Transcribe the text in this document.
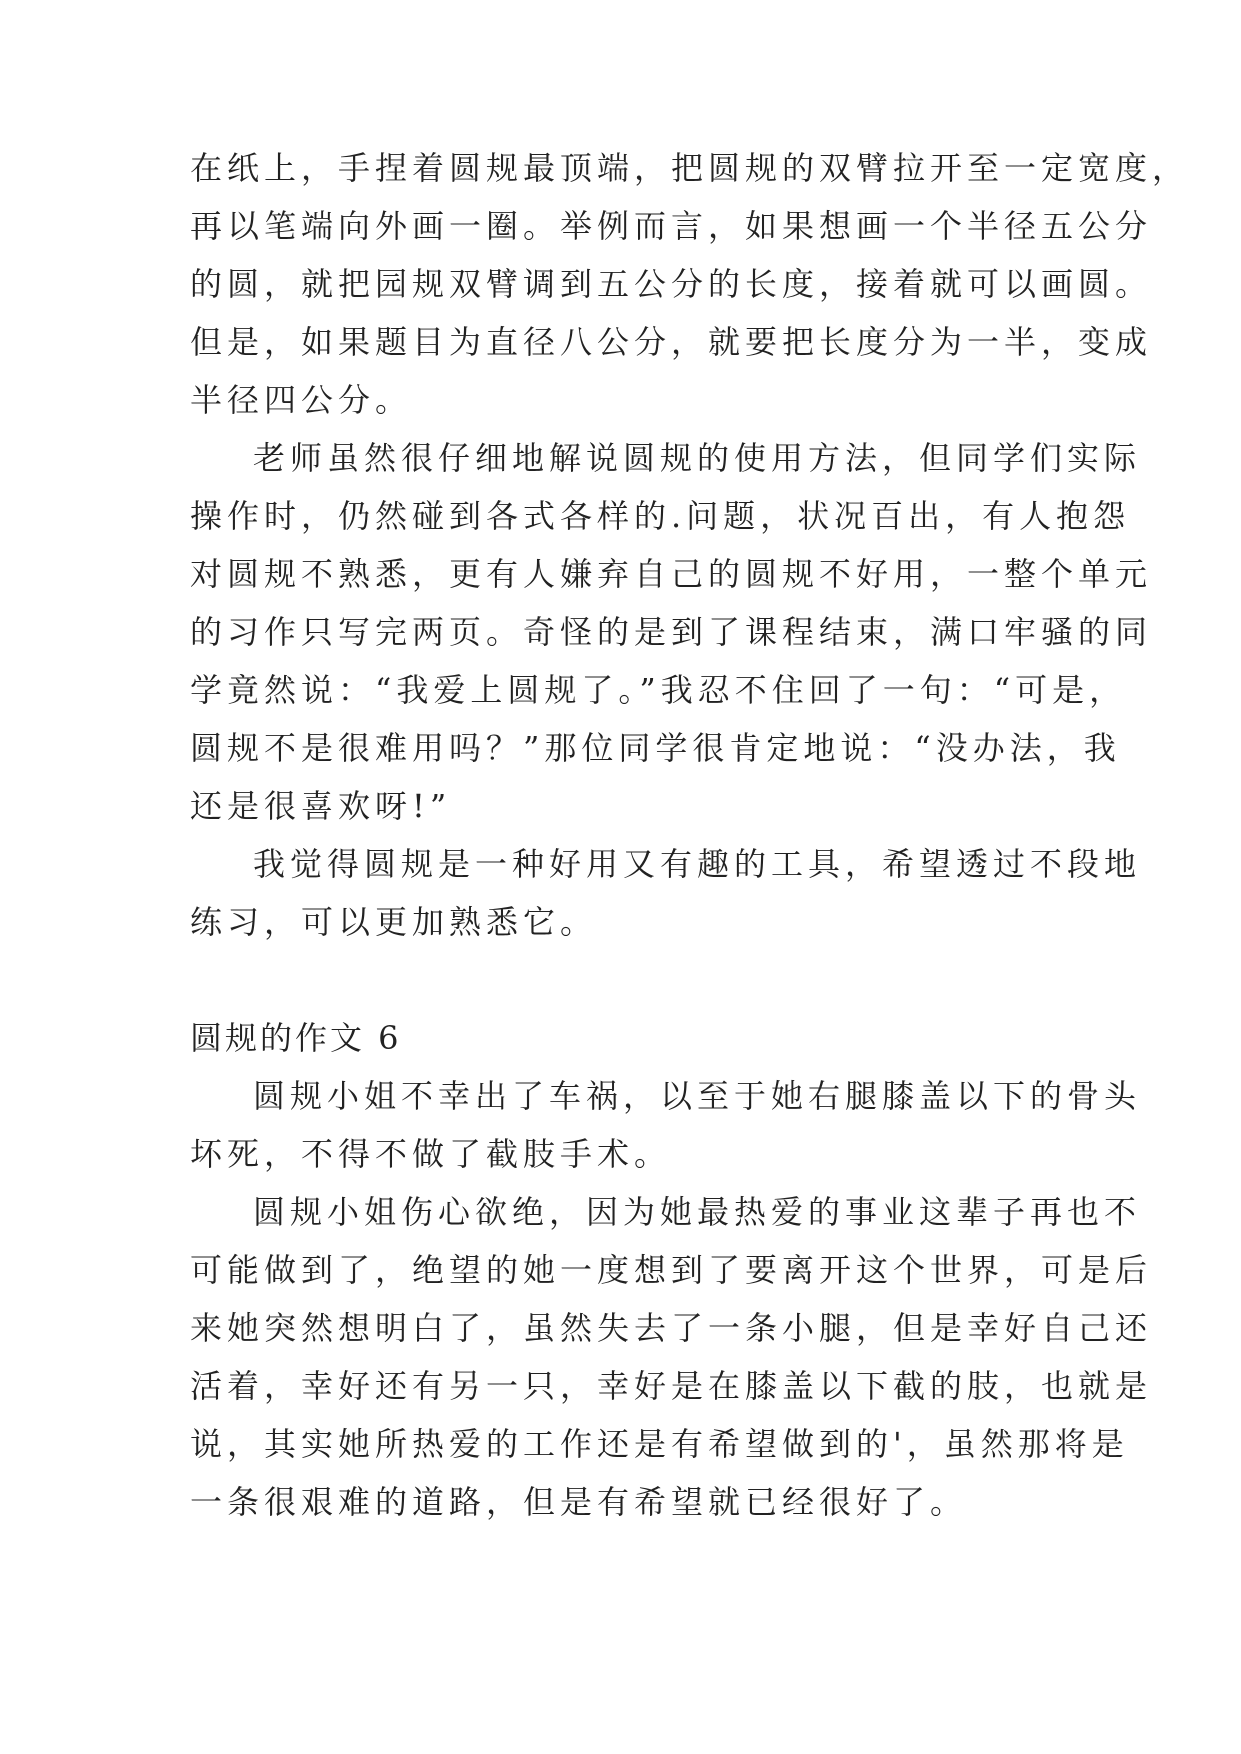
在纸上，手捏着圆规最顶端，把圆规的双臂拉开至一定宽度，
再以笔端向外画一圈。举例而言，如果想画一个半径五公分
的圆，就把园规双臂调到五公分的长度，接着就可以画圆。
但是，如果题目为直径八公分，就要把长度分为一半，变成
半径四公分。
老师虽然很仔细地解说圆规的使用方法，但同学们实际
操作时，仍然碰到各式各样的.问题，状况百出，有人抱怨
对圆规不熟悉，更有人嫌弃自己的圆规不好用，一整个单元
的习作只写完两页。奇怪的是到了课程结束，满口牢骚的同
学竟然说：“我爱上圆规了。”我忍不住回了一句：“可是，
圆规不是很难用吗？”那位同学很肯定地说：“没办法，我
还是很喜欢呀!”
我觉得圆规是一种好用又有趣的工具，希望透过不段地
练习，可以更加熟悉它。
圆规的作文 6
圆规小姐不幸出了车祸，以至于她右腿膝盖以下的骨头
坏死，不得不做了截肢手术。
圆规小姐伤心欲绝，因为她最热爱的事业这辈子再也不
可能做到了，绝望的她一度想到了要离开这个世界，可是后
来她突然想明白了，虽然失去了一条小腿，但是幸好自己还
活着，幸好还有另一只，幸好是在膝盖以下截的肢，也就是
说，其实她所热爱的工作还是有希望做到的'，虽然那将是
一条很艰难的道路，但是有希望就已经很好了。
